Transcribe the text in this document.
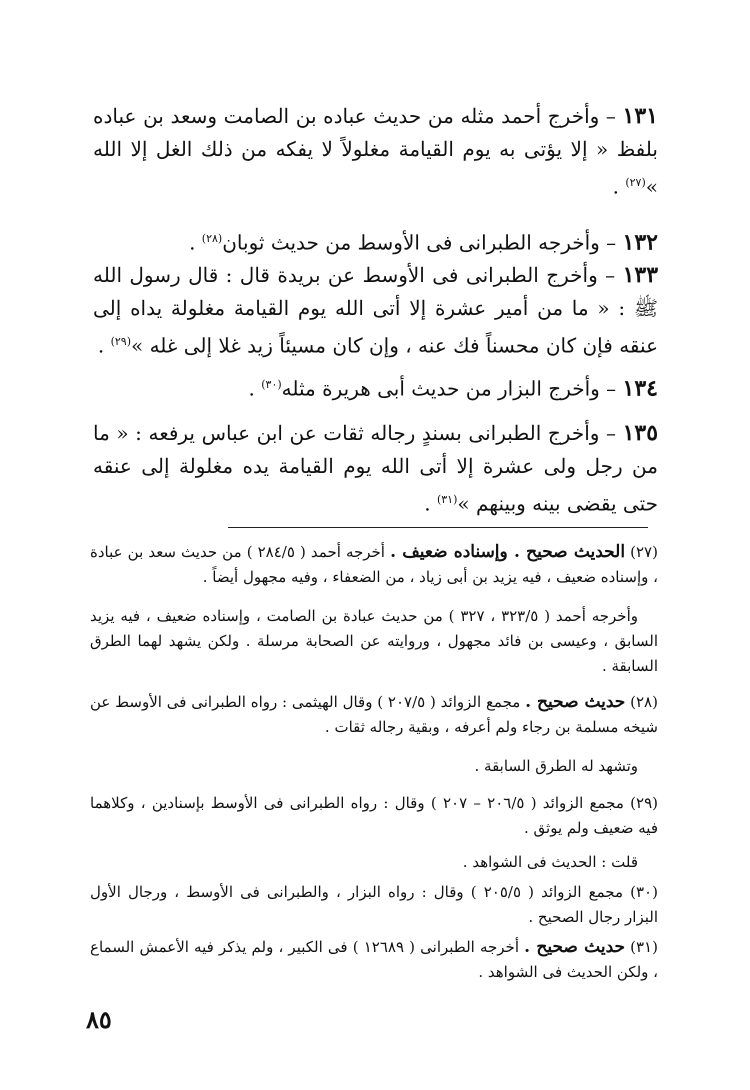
١٣١ – وأخرج أحمد مثله من حديث عباده بن الصامت وسعد بن عباده بلفظ « إلا يؤتى به يوم القيامة مغلولاً لا يفكه من ذلك الغل إلا الله »$^{(٢٧)}$ .

١٣٢ – وأخرجه الطبرانى فى الأوسط من حديث ثوبان$^{(٢٨)}$ .

١٣٣ – وأخرج الطبرانى فى الأوسط عن بريدة قال : قال رسول الله ﷺ : « ما من أمير عشرة إلا أتى الله يوم القيامة مغلولة يداه إلى عنقه فإن كان محسناً فك عنه ، وإن كان مسيئاً زيد غلا إلى غله »$^{(٢٩)}$ .

١٣٤ – وأخرج البزار من حديث أبى هريرة مثله$^{(٣٠)}$ .

١٣٥ – وأخرج الطبرانى بسندٍ رجاله ثقات عن ابن عباس يرفعه : « ما من رجل ولى عشرة إلا أتى الله يوم القيامة يده مغلولة إلى عنقه حتى يقضى بينه وبينهم »$^{(٣١)}$ .

(٢٧) الحديث صحيح . وإسناده ضعيف . أخرجه أحمد ( ٢٨٤/٥ ) من حديث سعد بن عبادة ، وإسناده ضعيف ، فيه يزيد بن أبى زياد ، من الضعفاء ، وفيه مجهول أيضاً .

وأخرجه أحمد ( ٣٢٣/٥ ، ٣٢٧ ) من حديث عبادة بن الصامت ، وإسناده ضعيف ، فيه يزيد السابق ، وعيسى بن فائد مجهول ، وروايته عن الصحابة مرسلة . ولكن يشهد لهما الطرق السابقة .

(٢٨) حديث صحيح . مجمع الزوائد ( ٢٠٧/٥ ) وقال الهيثمى : رواه الطبرانى فى الأوسط عن شيخه مسلمة بن رجاء ولم أعرفه ، وبقية رجاله ثقات .

وتشهد له الطرق السابقة .

(٢٩) مجمع الزوائد ( ٢٠٦/٥ – ٢٠٧ ) وقال : رواه الطبرانى فى الأوسط بإسنادين ، وكلاهما فيه ضعيف ولم يوثق .

قلت : الحديث فى الشواهد .

(٣٠) مجمع الزوائد ( ٢٠٥/٥ ) وقال : رواه البزار ، والطبرانى فى الأوسط ، ورجال الأول البزار رجال الصحيح .

(٣١) حديث صحيح . أخرجه الطبرانى ( ١٢٦٨٩ ) فى الكبير ، ولم يذكر فيه الأعمش السماع ، ولكن الحديث فى الشواهد .

٨٥
